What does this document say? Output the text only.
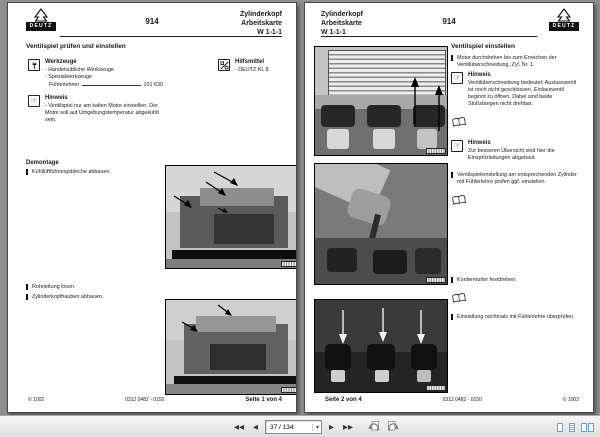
DEUTZ	914
Zylinderkopf
Arbeitskarte
W 1-1-1
Ventilspiel prüfen und einstellen
Werkzeuge
- Handelsübliche Werkzeuge
- Spezialwerkzeuge
Fühlerlehren	101 630
Hilfsmittel
- DEUTZ KL 8
☞	Hinweis
- Ventilspiel nur am kalten Motor einstellen. Der Motor soll auf Umgebungstemperatur abgekühlt sein.
Demontage
Kühlluftführungsbleche abbauen.
Rohrleitung lösen.
Zylinderkopfhauben abbauen.
© 1002	0312 0482 - 0150	Seite 1 von 4
Zylinderkopf
Arbeitskarte
W 1-1-1
914	DEUTZ
Ventilspiel einstellen
Motor durchdrehen bis zum Erreichen der Ventilüberschneidung, Zyl. Nr. 1.
☞	Hinweis
Ventilüberschneidung bedeutet: Auslassventil ist noch nicht geschlossen, Einlassventil beginnt zu öffnen. Dabei sind beide Stoßstangen nicht drehbar.
☞	Hinweis
Zur besseren Übersicht sind hier die Einspritzleitungen abgebaut.
Ventilspieleinstellung am entsprechenden Zylinder mit Fühlerlehre prüfen ggf. einstellen.
Kontermutter festdrehen.
Einstellung nochmals mit Fühlerlehre überprüfen.
Seite 2 von 4	0312 0482 - 0150	© 1002
◀◀	◀	37 / 134	▾	▶	▶▶
